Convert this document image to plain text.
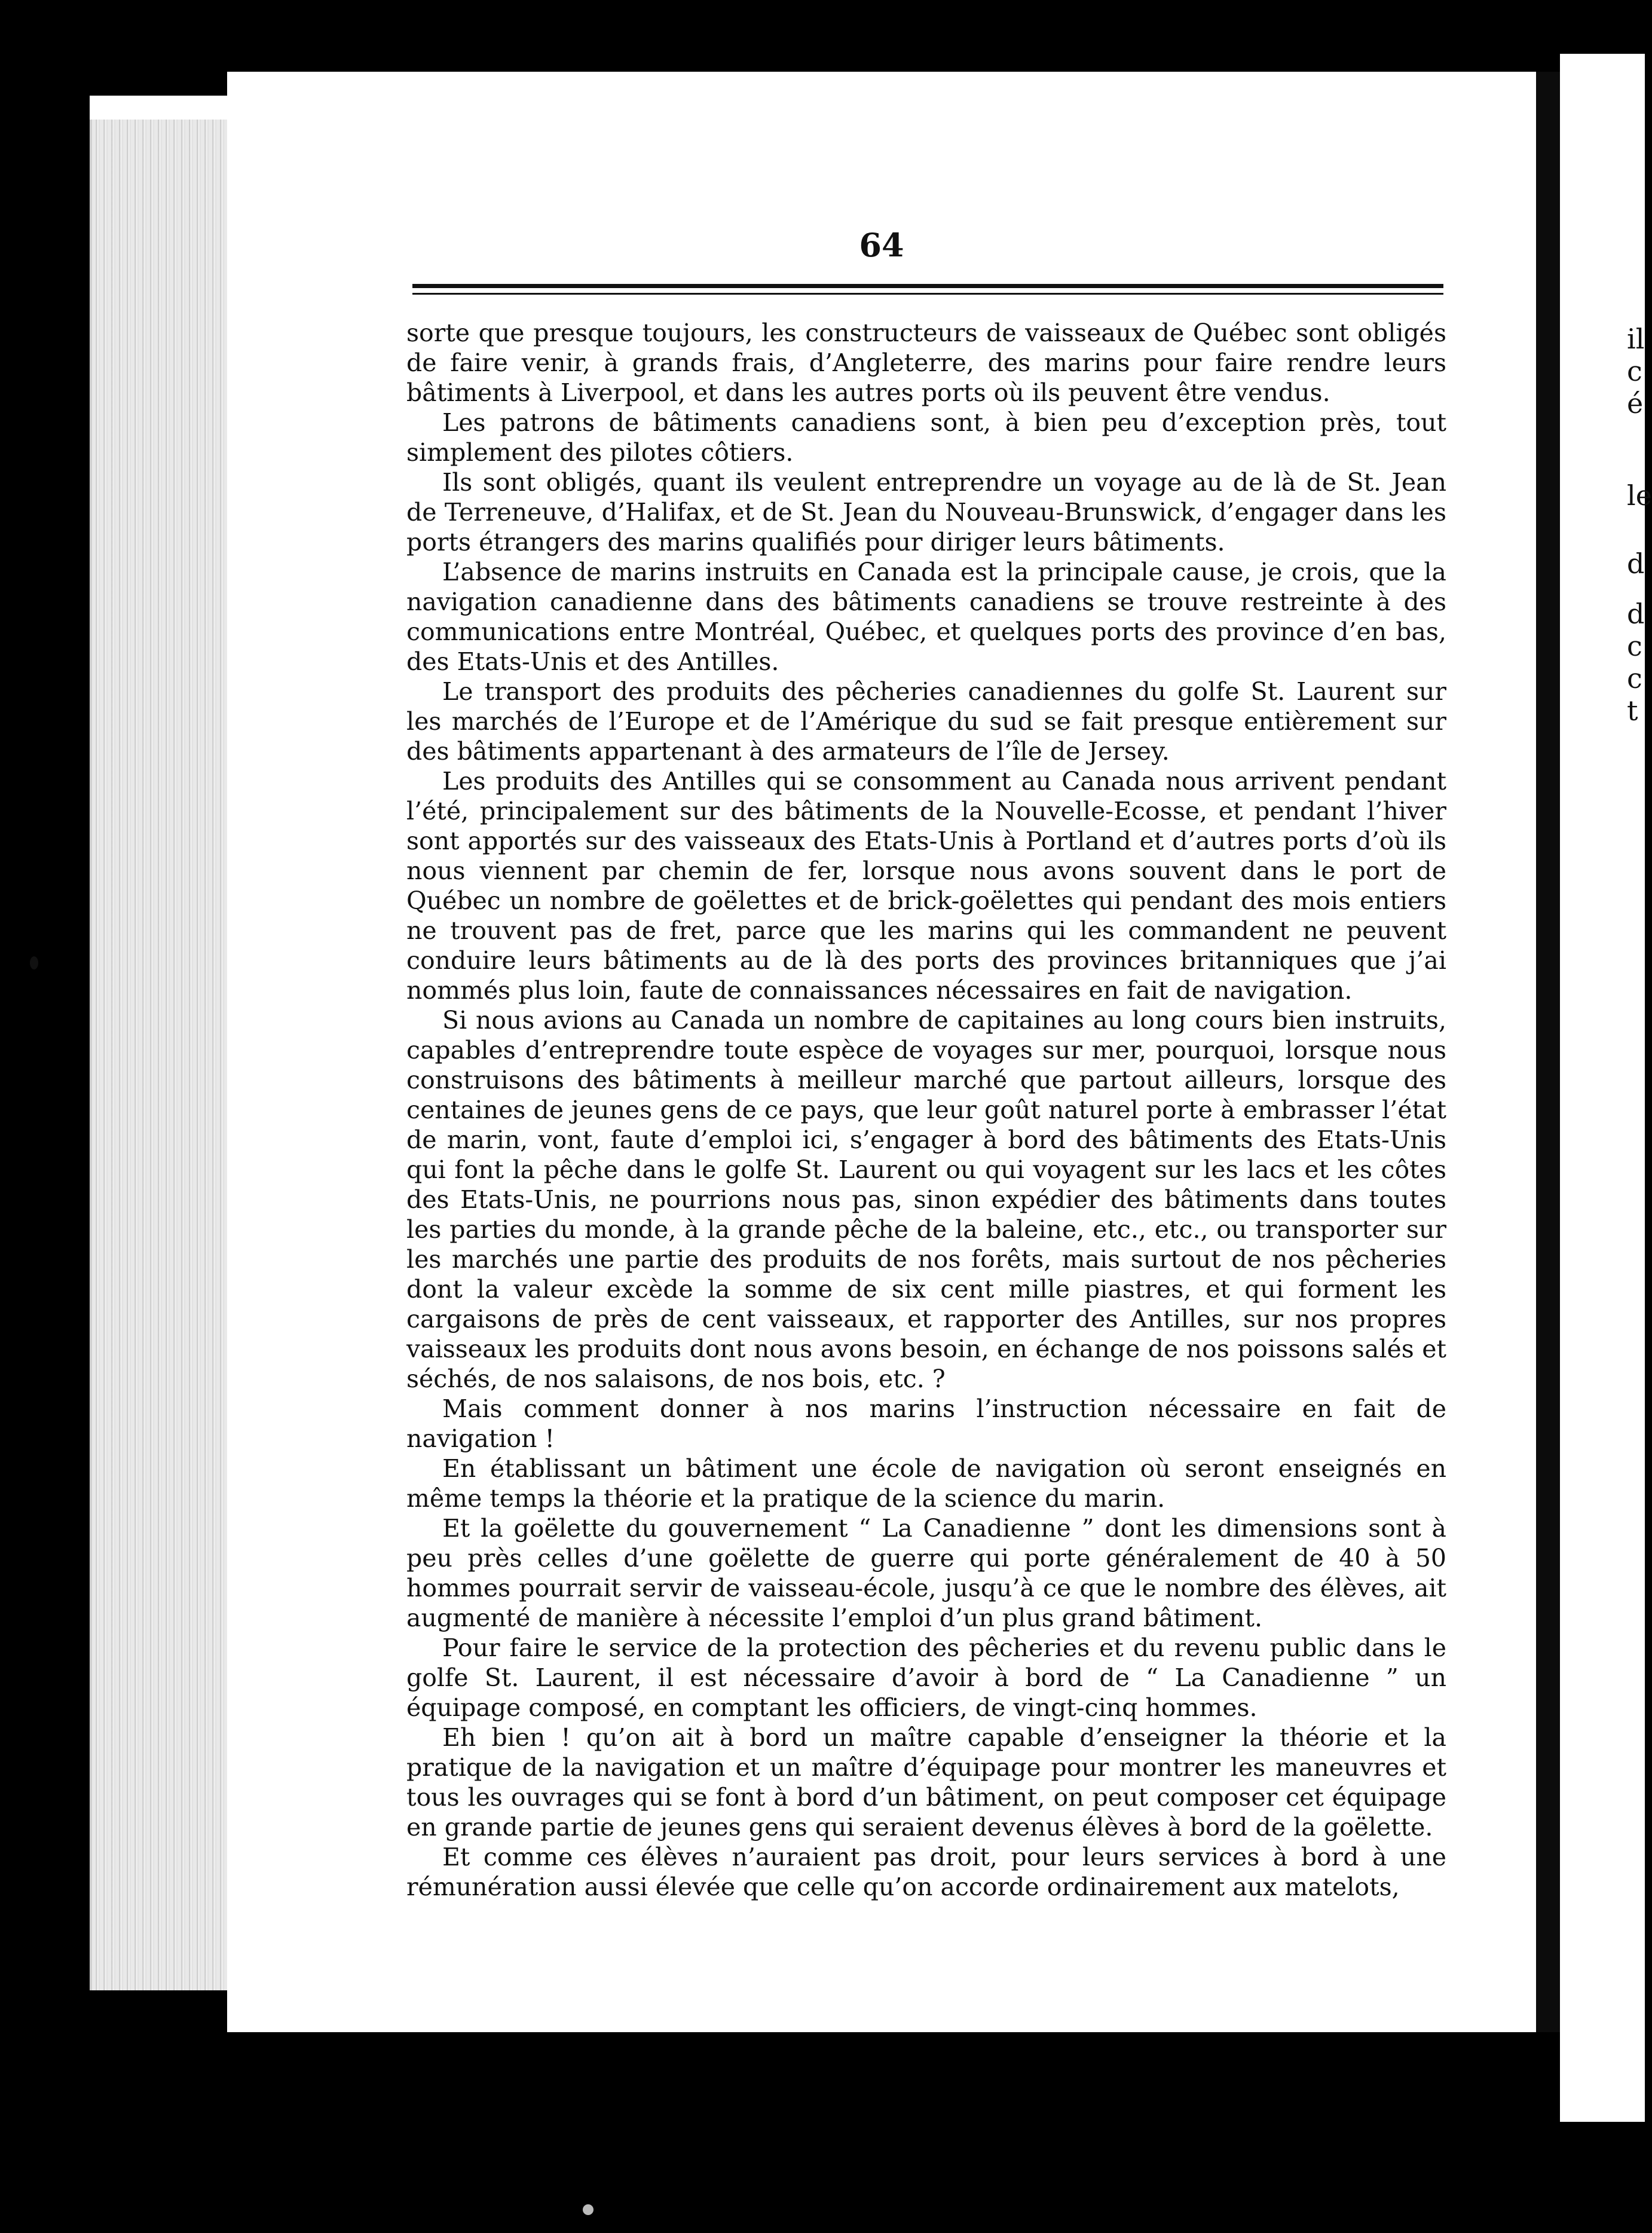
il
c
é
le
d
d
c
c
t
64

sorte que presque toujours, les constructeurs de vaisseaux de Québec sont obligés de faire venir, à grands frais, d’Angleterre, des marins pour faire rendre leurs bâtiments à Liverpool, et dans les autres ports où ils peuvent être vendus.

Les patrons de bâtiments canadiens sont, à bien peu d’exception près, tout simplement des pilotes côtiers.

Ils sont obligés, quant ils veulent entreprendre un voyage au de là de St. Jean de Terreneuve, d’Halifax, et de St. Jean du Nouveau-Brunswick, d’engager dans les ports étrangers des marins qualifiés pour diriger leurs bâtiments.

L’absence de marins instruits en Canada est la principale cause, je crois, que la navigation canadienne dans des bâtiments canadiens se trouve restreinte à des communications entre Montréal, Québec, et quelques ports des province d’en bas, des Etats-Unis et des Antilles.

Le transport des produits des pêcheries canadiennes du golfe St. Laurent sur les marchés de l’Europe et de l’Amérique du sud se fait presque entièrement sur des bâtiments appartenant à des armateurs de l’île de Jersey.

Les produits des Antilles qui se consomment au Canada nous arrivent pendant l’été, principalement sur des bâtiments de la Nouvelle-Ecosse, et pendant l’hiver sont apportés sur des vaisseaux des Etats-Unis à Portland et d’autres ports d’où ils nous viennent par chemin de fer, lorsque nous avons souvent dans le port de Québec un nombre de goëlettes et de brick-goëlettes qui pendant des mois entiers ne trouvent pas de fret, parce que les marins qui les commandent ne peuvent conduire leurs bâtiments au de là des ports des provinces britanniques que j’ai nommés plus loin, faute de connaissances nécessaires en fait de navigation.

Si nous avions au Canada un nombre de capitaines au long cours bien instruits, capables d’entreprendre toute espèce de voyages sur mer, pourquoi, lorsque nous construisons des bâtiments à meilleur marché que partout ailleurs, lorsque des centaines de jeunes gens de ce pays, que leur goût naturel porte à embrasser l’état de marin, vont, faute d’emploi ici, s’engager à bord des bâtiments des Etats-Unis qui font la pêche dans le golfe St. Laurent ou qui voyagent sur les lacs et les côtes des Etats-Unis, ne pourrions nous pas, sinon expédier des bâtiments dans toutes les parties du monde, à la grande pêche de la baleine, etc., etc., ou transporter sur les marchés une partie des produits de nos forêts, mais surtout de nos pêcheries dont la valeur excède la somme de six cent mille piastres, et qui forment les cargaisons de près de cent vaisseaux, et rapporter des Antilles, sur nos propres vaisseaux les produits dont nous avons besoin, en échange de nos poissons salés et séchés, de nos salaisons, de nos bois, etc. ?

Mais comment donner à nos marins l’instruction nécessaire en fait de navigation !

En établissant un bâtiment une école de navigation où seront enseignés en même temps la théorie et la pratique de la science du marin.

Et la goëlette du gouvernement “ La Canadienne ” dont les dimensions sont à peu près celles d’une goëlette de guerre qui porte généralement de 40 à 50 hommes pourrait servir de vaisseau-école, jusqu’à ce que le nombre des élèves, ait augmenté de manière à nécessite l’emploi d’un plus grand bâtiment.

Pour faire le service de la protection des pêcheries et du revenu public dans le golfe St. Laurent, il est nécessaire d’avoir à bord de “ La Canadienne ” un équipage composé, en comptant les officiers, de vingt-cinq hommes.

Eh bien ! qu’on ait à bord un maître capable d’enseigner la théorie et la pratique de la navigation et un maître d’équipage pour montrer les maneuvres et tous les ouvrages qui se font à bord d’un bâtiment, on peut composer cet équipage en grande partie de jeunes gens qui seraient devenus élèves à bord de la goëlette.

Et comme ces élèves n’auraient pas droit, pour leurs services à bord à une rémunération aussi élevée que celle qu’on accorde ordinairement aux matelots,
